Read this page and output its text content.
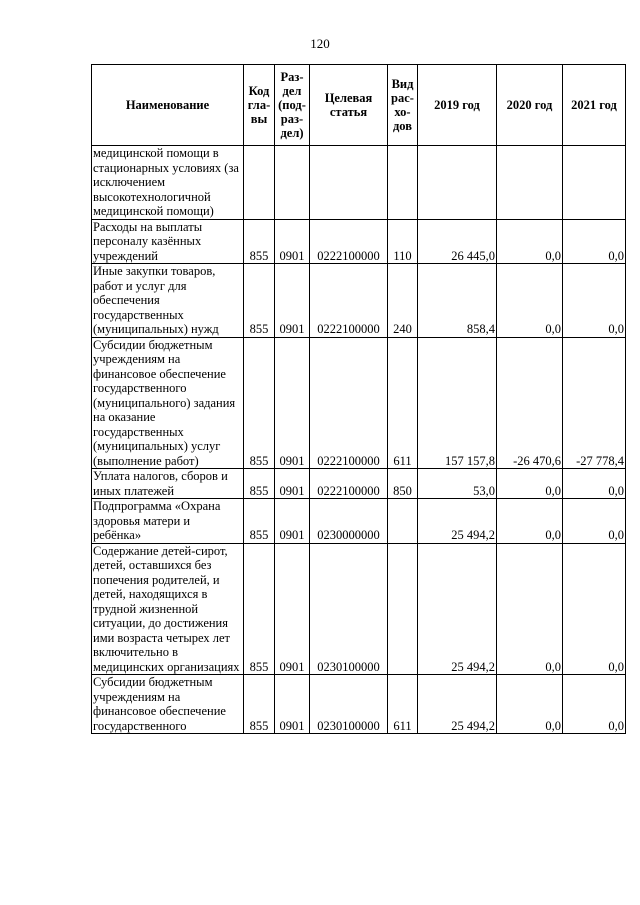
120
Наименование	Код гла-вы	Раз-дел (под-раз-дел)	Целевая статья	Вид рас-хо-дов	2019 год	2020 год	2021 год
медицинской помощи в стационарных условиях (за исключением высокотехнологичной медицинской помощи)							
Расходы на выплаты персоналу казённых учреждений	855	0901	0222100000	110	26 445,0	0,0	0,0
Иные закупки товаров, работ и услуг для обеспечения государственных (муниципальных) нужд	855	0901	0222100000	240	858,4	0,0	0,0
Субсидии бюджетным учреждениям на финансовое обеспечение государственного (муниципального) задания на оказание государственных (муниципальных) услуг (выполнение работ)	855	0901	0222100000	611	157 157,8	-26 470,6	-27 778,4
Уплата налогов, сборов и иных платежей	855	0901	0222100000	850	53,0	0,0	0,0
Подпрограмма «Охрана здоровья матери и ребёнка»	855	0901	0230000000		25 494,2	0,0	0,0
Содержание детей-сирот, детей, оставшихся без попечения родителей, и детей, находящихся в трудной жизненной ситуации, до достижения ими возраста четырех лет включительно в медицинских организациях	855	0901	0230100000		25 494,2	0,0	0,0
Субсидии бюджетным учреждениям на финансовое обеспечение государственного	855	0901	0230100000	611	25 494,2	0,0	0,0
